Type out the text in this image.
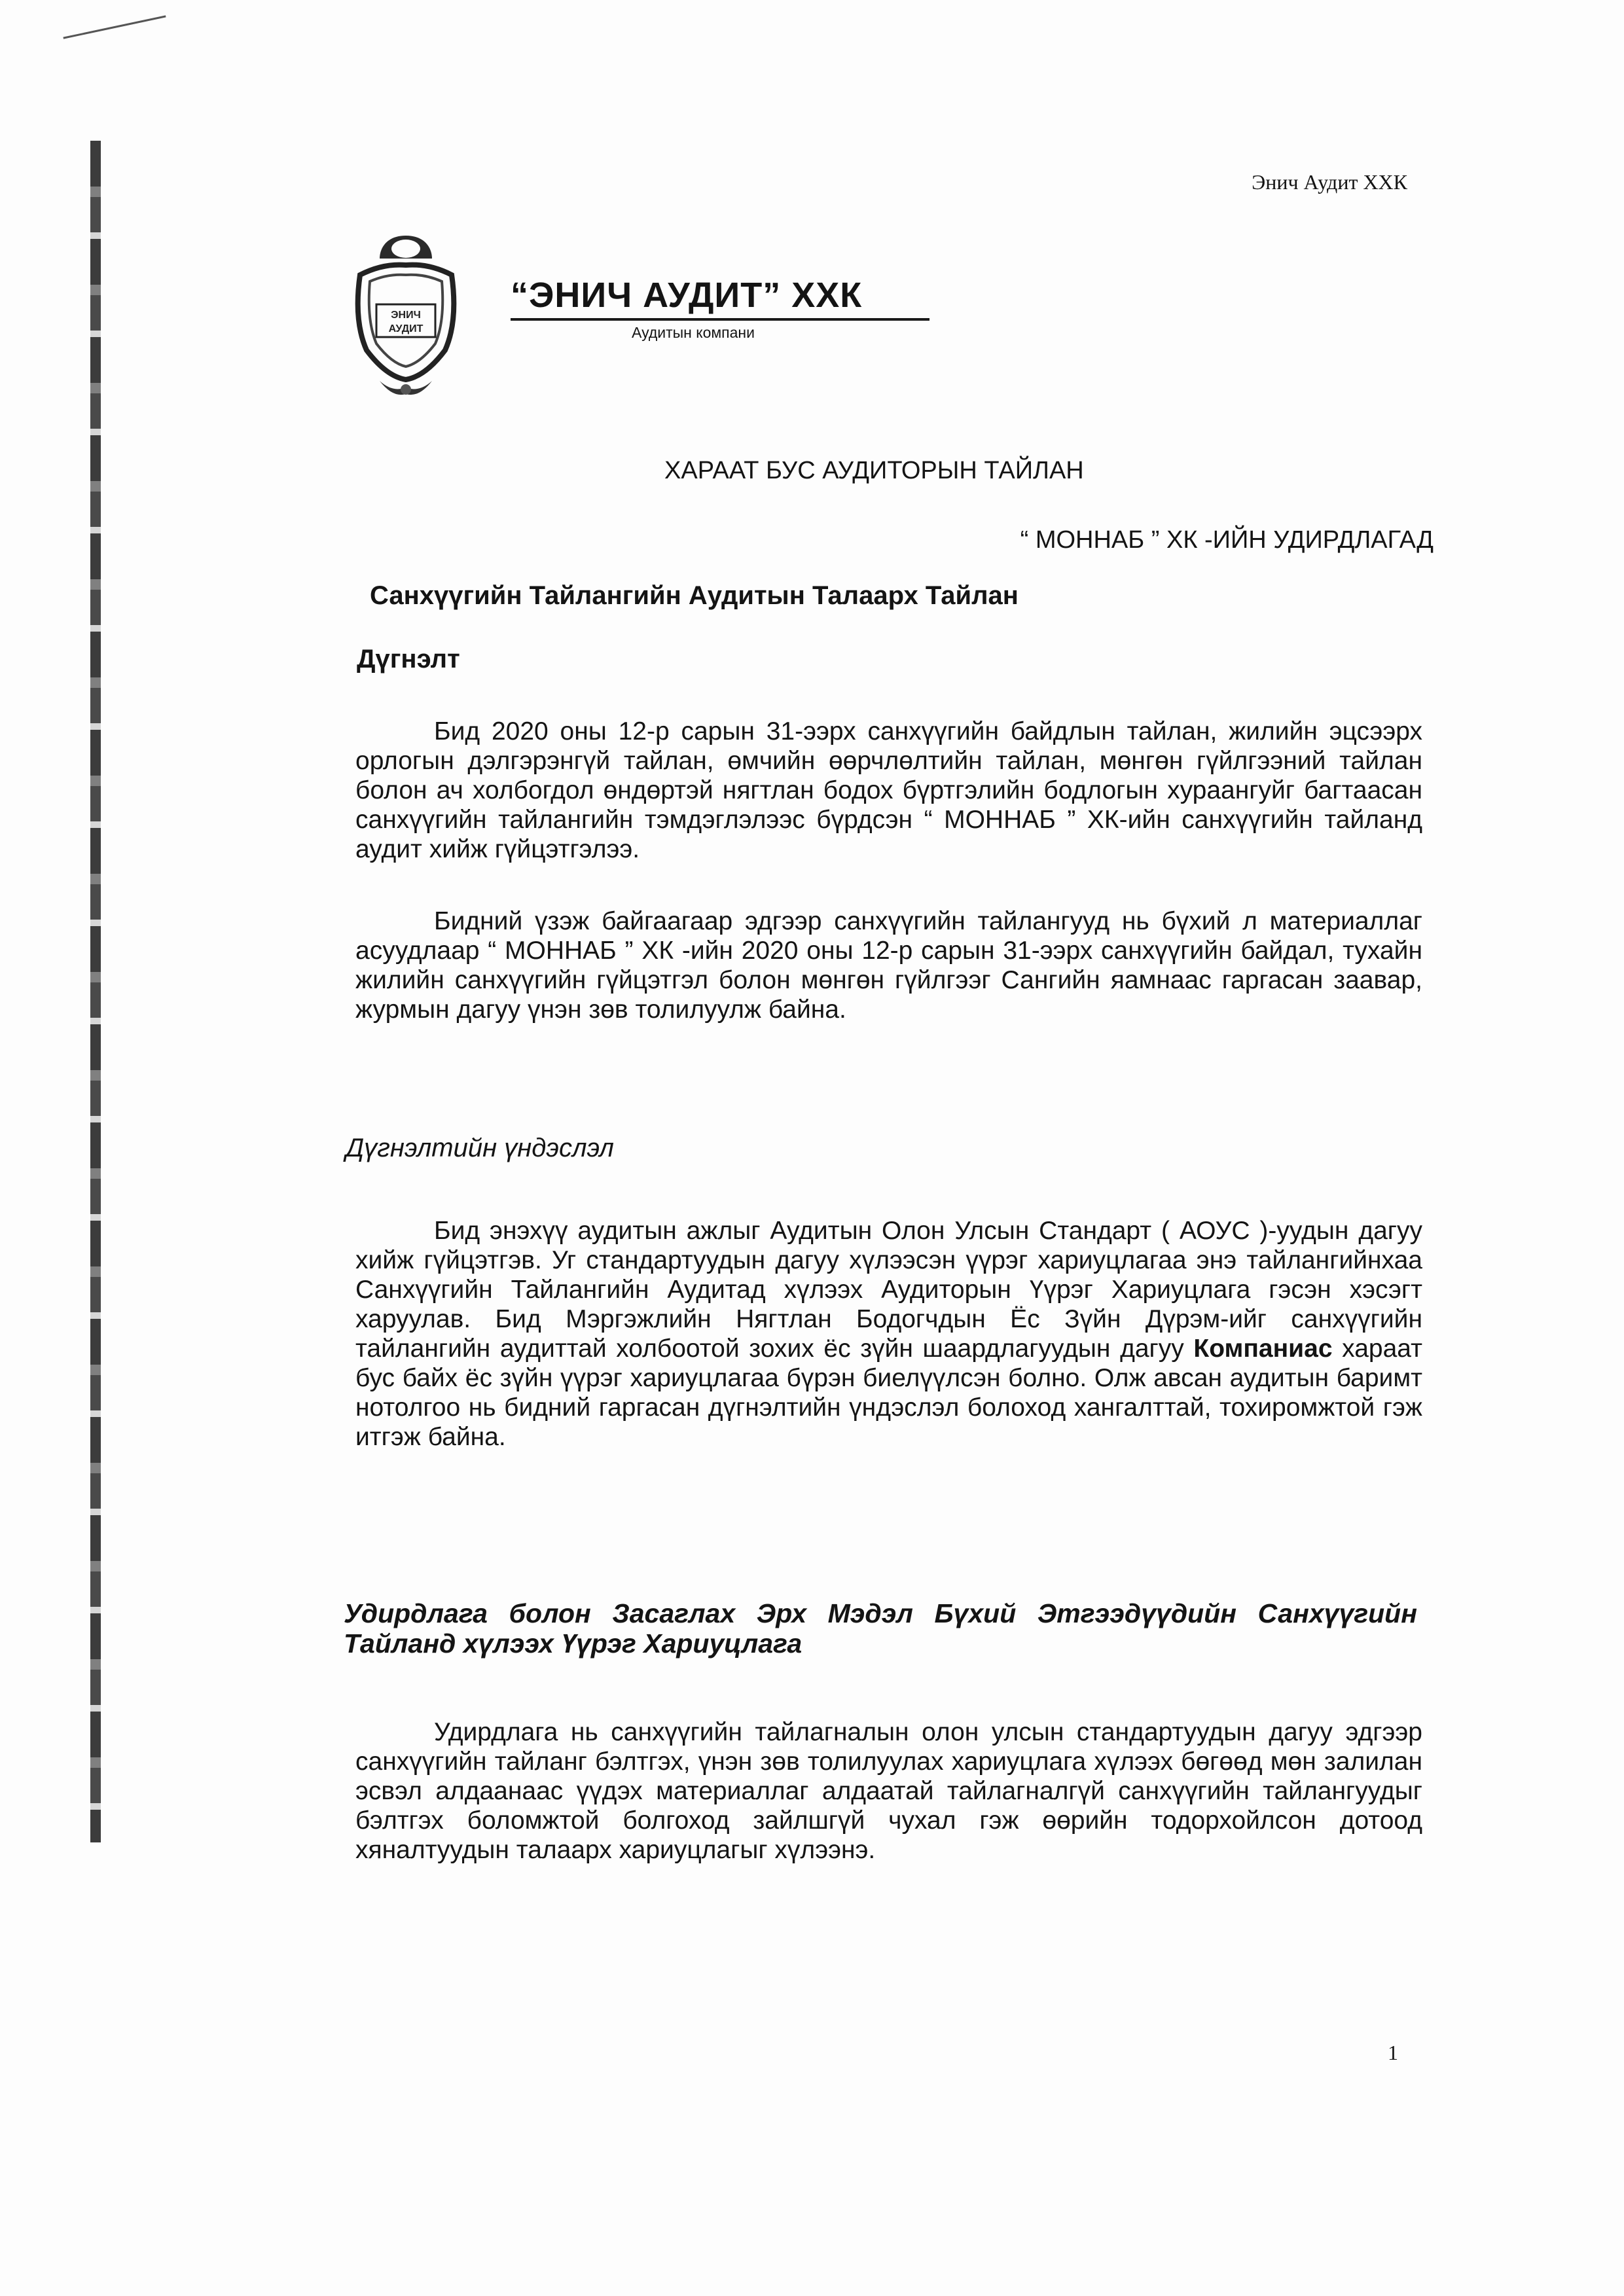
Энич Аудит ХХК
ЭНИЧ
АУДИТ
“ЭНИЧ АУДИТ” ХХК
Аудитын компани
ХАРААТ БУС АУДИТОРЫН ТАЙЛАН
“ МОННАБ ” ХК -ИЙН УДИРДЛАГАД
Санхүүгийн Тайлангийн Аудитын Талаарх Тайлан
Дүгнэлт

Бид 2020 оны 12-р сарын 31-ээрх санхүүгийн байдлын тайлан, жилийн эцсээрх орлогын дэлгэрэнгүй тайлан, өмчийн өөрчлөлтийн тайлан, мөнгөн гүйлгээний тайлан болон ач холбогдол өндөртэй нягтлан бодох бүртгэлийн бодлогын хураангуйг багтаасан санхүүгийн тайлангийн тэмдэглэлээс бүрдсэн “ МОННАБ ” ХК-ийн санхүүгийн тайланд аудит хийж гүйцэтгэлээ.

Бидний үзэж байгаагаар эдгээр санхүүгийн тайлангууд нь бүхий л материаллаг асуудлаар “ МОННАБ ” ХК -ийн 2020 оны 12-р сарын 31-ээрх санхүүгийн байдал, тухайн жилийн санхүүгийн гүйцэтгэл болон мөнгөн гүйлгээг Сангийн яамнаас гаргасан заавар, журмын дагуу үнэн зөв толилуулж байна.

Дүгнэлтийн үндэслэл

Бид энэхүү аудитын ажлыг Аудитын Олон Улсын Стандарт ( АОУС )-уудын дагуу хийж гүйцэтгэв. Уг стандартуудын дагуу хүлээсэн үүрэг хариуцлагаа энэ тайлангийнхаа Санхүүгийн Тайлангийн Аудитад хүлээх Аудиторын Үүрэг Хариуцлага гэсэн хэсэгт харуулав. Бид Мэргэжлийн Нягтлан Бодогчдын Ёс Зүйн Дүрэм-ийг санхүүгийн тайлангийн аудиттай холбоотой зохих ёс зүйн шаардлагуудын дагуу Компаниас хараат бус байх ёс зүйн үүрэг хариуцлагаа бүрэн биелүүлсэн болно. Олж авсан аудитын баримт нотолгоо нь бидний гаргасан дүгнэлтийн үндэслэл болоход хангалттай, тохиромжтой гэж итгэж байна.

Удирдлага болон Засаглах Эрх Мэдэл Бүхий Этгээдүүдийн Санхүүгийн Тайланд хүлээх Үүрэг Хариуцлага

Удирдлага нь санхүүгийн тайлагналын олон улсын стандартуудын дагуу эдгээр санхүүгийн тайланг бэлтгэх, үнэн зөв толилуулах хариуцлага хүлээх бөгөөд мөн залилан эсвэл алдаанаас үүдэх материаллаг алдаатай тайлагналгүй санхүүгийн тайлангуудыг бэлтгэх боломжтой болгоход зайлшгүй чухал гэж өөрийн тодорхойлсон дотоод хяналтуудын талаарх хариуцлагыг хүлээнэ.

1
